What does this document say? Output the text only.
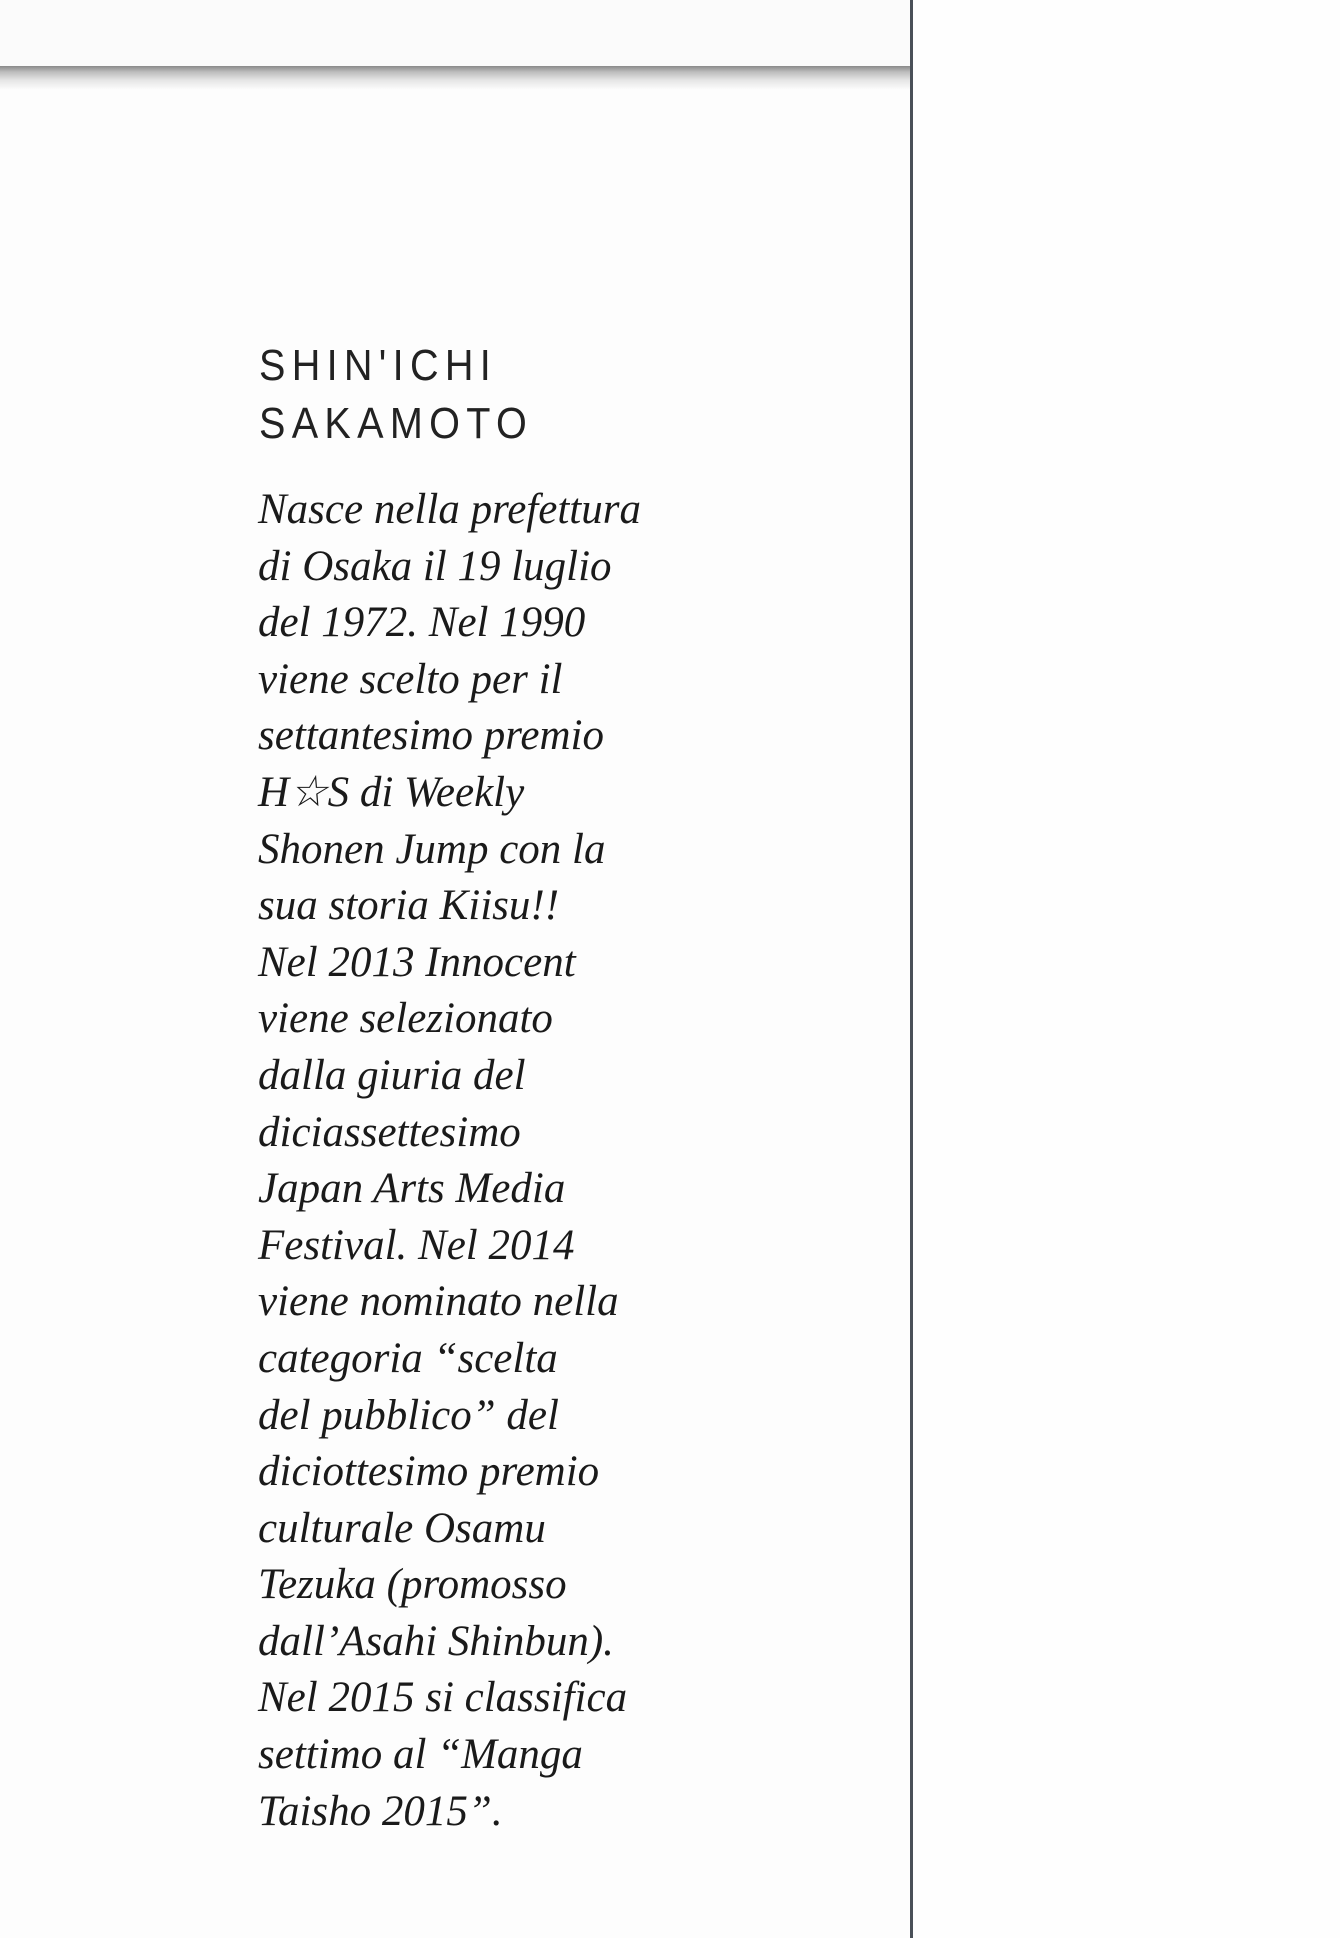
SHIN'ICHI
SAKAMOTO
Nasce nella prefettura
di Osaka il 19 luglio
del 1972. Nel 1990
viene scelto per il
settantesimo premio
H☆S di Weekly
Shonen Jump con la
sua storia Kiisu!!
Nel 2013 Innocent
viene selezionato
dalla giuria del
diciassettesimo
Japan Arts Media
Festival. Nel 2014
viene nominato nella
categoria “scelta
del pubblico” del
diciottesimo premio
culturale Osamu
Tezuka (promosso
dall’Asahi Shinbun).
Nel 2015 si classifica
settimo al “Manga
Taisho 2015”.
